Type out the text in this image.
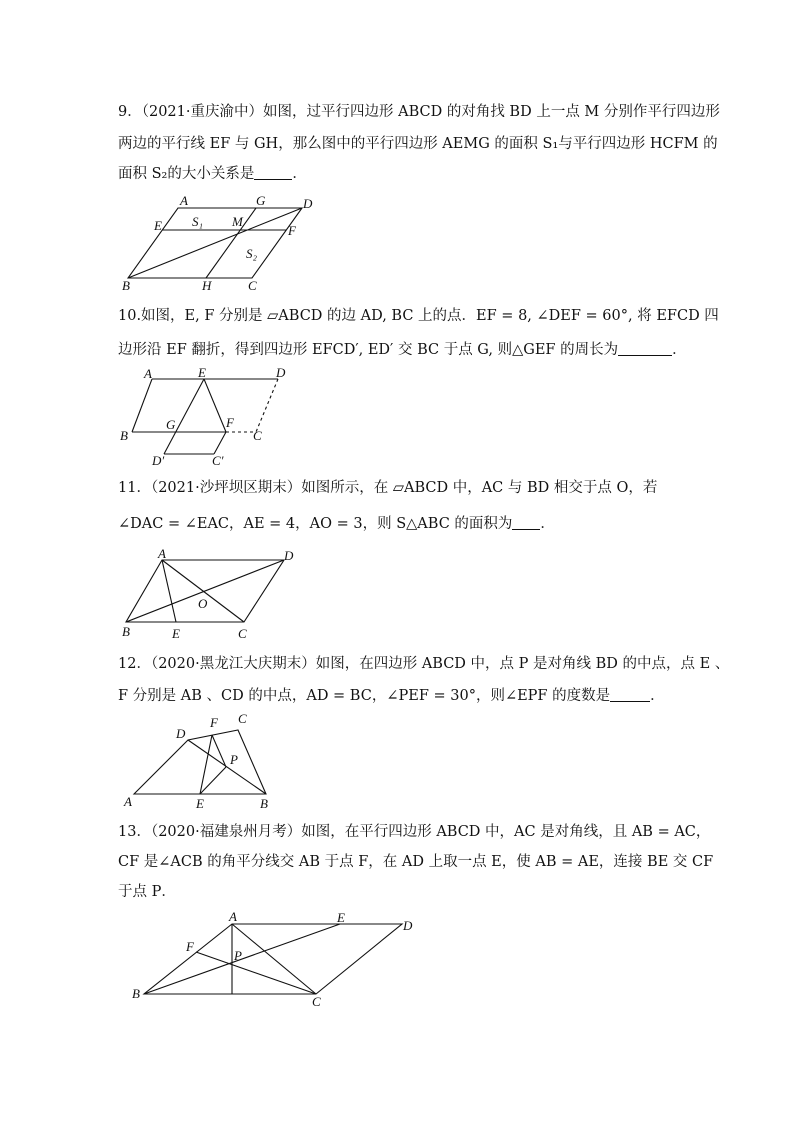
9．（2021·重庆渝中）如图，过平行四边形 ABCD 的对角找 BD 上一点 M 分别作平行四边形
两边的平行线 EF 与 GH，那么图中的平行四边形 AEMG 的面积 S₁与平行四边形 HCFM 的
面积 S₂的大小关系是	．
A	G	D
E S₁ M
F
S₂
B	H	C
10.如图，E, F 分别是 ▱ABCD 的边 AD, BC 上的点．EF = 8, ∠DEF = 60°, 将 EFCD 四
边形沿 EF 翻折，得到四边形 EFCD′, ED′ 交 BC 于点 G, 则△GEF 的周长为	．
A	E	D
B
G	F
C
D′	C′
11．（2021·沙坪坝区期末）如图所示，在 ▱ABCD 中，AC 与 BD 相交于点 O，若
∠DAC = ∠EAC，AE = 4，AO = 3，则 S△ABC 的面积为 ．
A	D
O
B	E	C
12．（2020·黑龙江大庆期末）如图，在四边形 ABCD 中，点 P 是对角线 BD 的中点，点 E 、
F 分别是 AB 、CD 的中点，AD = BC，∠PEF = 30°，则∠EPF 的度数是	．
D
F C
P
A	E	B
13．（2020·福建泉州月考）如图，在平行四边形 ABCD 中，AC 是对角线，且 AB = AC，
CF 是∠ACB 的角平分线交 AB 于点 F，在 AD 上取一点 E，使 AB = AE，连接 BE 交 CF
于点 P．
A	E
D
F
P
B
C
